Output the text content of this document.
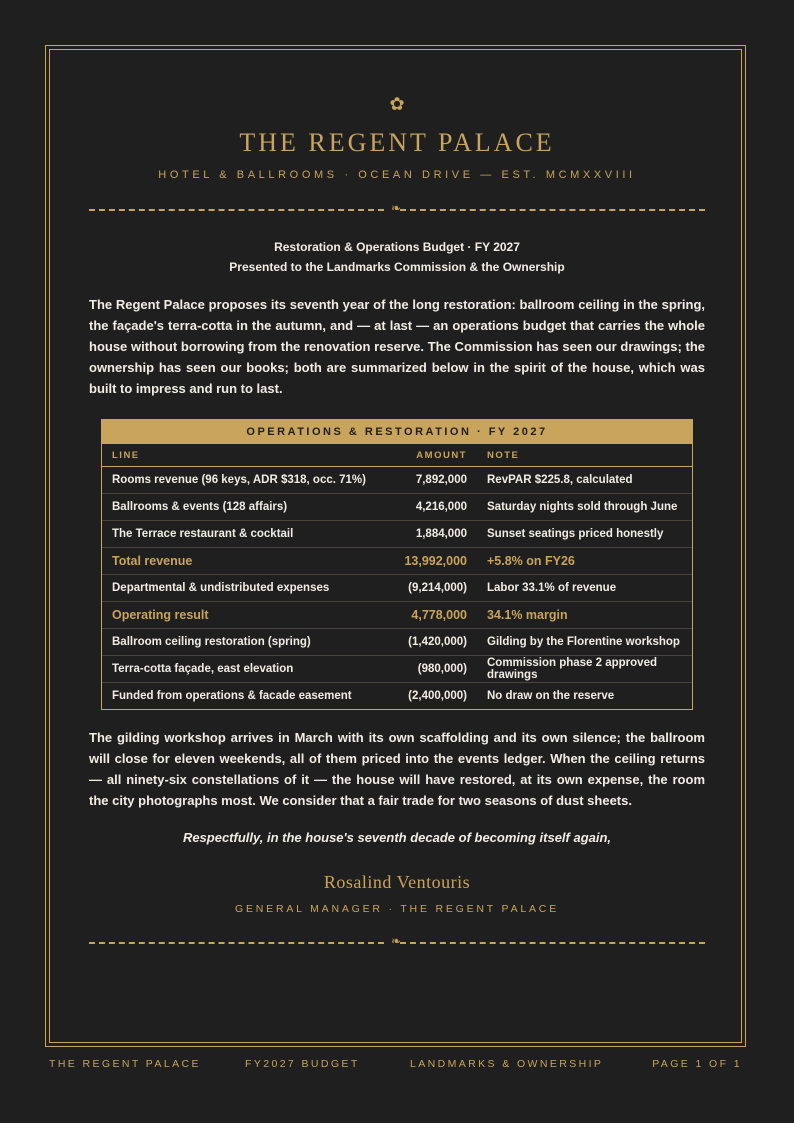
✿
THE REGENT PALACE
HOTEL & BALLROOMS · OCEAN DRIVE — EST. MCMXXVIII
❧
Restoration & Operations Budget · FY 2027
Presented to the Landmarks Commission & the Ownership
The Regent Palace proposes its seventh year of the long restoration: ballroom ceiling in the spring, the façade's terra-cotta in the autumn, and — at last — an operations budget that carries the whole house without borrowing from the renovation reserve. The Commission has seen our drawings; the ownership has seen our books; both are summarized below in the spirit of the house, which was built to impress and run to last.
OPERATIONS & RESTORATION · FY 2027
LINE	AMOUNT	NOTE
Rooms revenue (96 keys, ADR $318, occ. 71%)	7,892,000	RevPAR $225.8, calculated
Ballrooms & events (128 affairs)	4,216,000	Saturday nights sold through June
The Terrace restaurant & cocktail	1,884,000	Sunset seatings priced honestly
Total revenue	13,992,000	+5.8% on FY26
Departmental & undistributed expenses	(9,214,000)	Labor 33.1% of revenue
Operating result	4,778,000	34.1% margin
Ballroom ceiling restoration (spring)	(1,420,000)	Gilding by the Florentine workshop
Terra-cotta façade, east elevation	(980,000)	Commission phase 2 approved drawings
Funded from operations & facade easement	(2,400,000)	No draw on the reserve
The gilding workshop arrives in March with its own scaffolding and its own silence; the ballroom will close for eleven weekends, all of them priced into the events ledger. When the ceiling returns — all ninety-six constellations of it — the house will have restored, at its own expense, the room the city photographs most. We consider that a fair trade for two seasons of dust sheets.
Respectfully, in the house's seventh decade of becoming itself again,
Rosalind Ventouris
GENERAL MANAGER · THE REGENT PALACE
❧
THE REGENT PALACE	FY2027 BUDGET	LANDMARKS & OWNERSHIP	PAGE 1 OF 1
